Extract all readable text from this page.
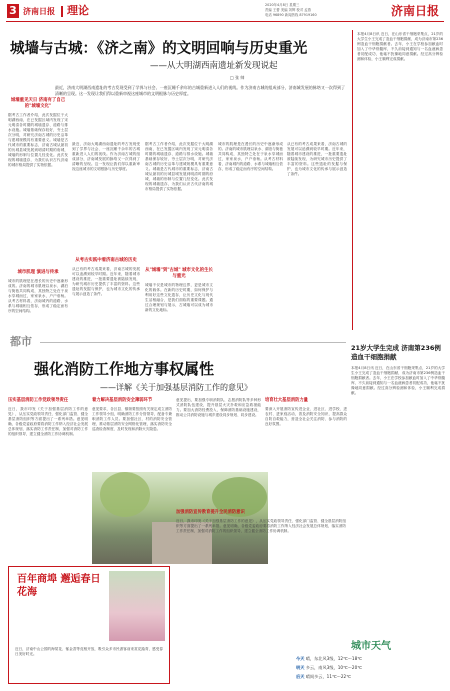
3 济南日报 理论	2020年4月8日 星期三
责编 王蕾 美编 刘辉 校对 孟燕
电话 96890 新闻热线 87919160	济南日报
城墙与古城：《济之南》的文明回响与历史重光
——从大明湖西南遗址新发现说起
□ 张 帅
最近，济南大明湖西南遗址的考古发现受到了学界与社会、一座沉睡千余年的古城重新进入人们的视线。作为济南古城的组成部分，济南城发展的脉络又一次得到了清晰的呈现。这一发现让我们得以重新审视这座城市的文明根脉与历史厚度。
城墙重见天日 济南有了自己的"城墙文化"
据考古工作者介绍，此次发掘位于大明湖西南，在已发掘区域内发现了宋元明清各时期的城墙遗存、道路与排水设施。城墙基础保存较好，夯土层次分明，对研究济南古城的历史沿革与建城规模具有重要意义。城墙是古代城市的重要标志，济南古城从最初的历城县城发展到明清时期的府城，城墙的形制与位置几经变化。此次发现的城墙遗存，为我们认识古代济南的城市格局提供了实物依据。
城市肌理 演进与传承
城市的肌理是在漫长的历史中逐渐形成的。济南的城市肌理以泉水、湖泊与街巷共同构成，其独特之处在于泉水穿城而过，家家泉水，户户垂杨。从考古材料看，济南城内的道路、水系与城墙相互依存，形成了稳定而有序的空间结构。
最近，济南大明湖西南遗址的考古发现受到了学界与社会、一座沉睡千余年的古城重新进入人们的视线。作为济南古城的组成部分，济南城发展的脉络又一次得到了清晰的呈现。这一发现让我们得以重新审视这座城市的文明根脉与历史厚度。
从考古实践中看济南古城的历史
从已有的考古成果来看，济南古城的发展可以追溯到较早时期。近年来，随着城市建设的推进，一批重要遗址被陆续发现，为研究城市历史提供了丰富的资料。这些遗址的发掘与保护，也为城市文化的传承与展示创造了条件。
据考古工作者介绍，此次发掘位于大明湖西南，在已发掘区域内发现了宋元明清各时期的城墙遗存、道路与排水设施。城墙基础保存较好，夯土层次分明，对研究济南古城的历史沿革与建城规模具有重要意义。城墙是古代城市的重要标志，济南古城从最初的历城县城发展到明清时期的府城，城墙的形制与位置几经变化。此次发现的城墙遗存，为我们认识古代济南的城市格局提供了实物依据。
从"城墙"到"古城" 城市文化的生长与重光
城墙不仅是城市的物理边界，更是城市文化的载体。在新的历史时期，如何保护与利用好这些文化遗存，让历史文化与现代生活相融合，是我们面临的重要课题。通过合理规划与展示，古城墙可以成为城市新的文化地标。
城市的肌理是在漫长的历史中逐渐形成的。济南的城市肌理以泉水、湖泊与街巷共同构成，其独特之处在于泉水穿城而过，家家泉水，户户垂杨。从考古材料看，济南城内的道路、水系与城墙相互依存，形成了稳定而有序的空间结构。
从已有的考古成果来看，济南古城的发展可以追溯到较早时期。近年来，随着城市建设的推进，一批重要遗址被陆续发现，为研究城市历史提供了丰富的资料。这些遗址的发掘与保护，也为城市文化的传承与展示创造了条件。
本报4月8日讯 近日，在山东省干细胞采集点，21岁的大学生小王完成了造血干细胞捐献，成为济南市第236例造血干细胞捐献者。去年，小王在学校参加献血时加入了中华骨髓库，不久前接到通知与一名血液病患者初配成功，他毫不犹豫地同意捐献。经过高分辨检测和体检，小王顺利完成捐献。
都市	21岁大学生完成 济南第236例造血干细胞捐献
本报4月8日讯 近日，在山东省干细胞采集点，21岁的大学生小王完成了造血干细胞捐献，成为济南市第236例造血干细胞捐献者。去年，小王在学校参加献血时加入了中华骨髓库，不久前接到通知与一名血液病患者初配成功，他毫不犹豫地同意捐献。经过高分辨检测和体检，小王顺利完成捐献。
强化消防工作地方事权属性
——详解《关于加强基层消防工作的意见》
压实基层消防工作党政领导责任
近日，我市印发《关于加强基层消防工作的意见》，从压实党政领导责任、强化部门监管、健全基层消防组织等方面提出了一系列举措。意见明确，各级党委政府要将消防工作纳入经济社会发展总体规划，落实消防工作责任制，加强对消防工作的组织领导，建立健全消防工作协调机制。
着力解决基层消防安全薄弱环节
意见要求，各区县、镇街要按照有关规定成立消防工作领导小组，明确消防工作分管领导，配备专兼职消防工作人员。要加强社区、村的消防安全管理，推动基层消防安全网格化管理，落实消防安全巡查检查制度，及时发现和消除火灾隐患。
意见提出，要加强专职消防队、志愿消防队等多种形式消防队伍建设，提升基层火灾扑救和应急救援能力。要加大消防经费投入，保障消防基础设施建设，推动公共消防设施与城乡建设同步规划、同步建设。
培育壮大基层消防力量
要深入开展消防宣传进企业、进社区、进学校、进农村、进家庭活动，普及消防安全知识，提高群众自防自救能力，营造全社会关注消防、参与消防的良好氛围。
加强消防宣传教育提升全民消防意识
近日，我市印发《关于加强基层消防工作的意见》，从压实党政领导责任、强化部门监管、健全基层消防组织等方面提出了一系列举措。意见明确，各级党委政府要将消防工作纳入经济社会发展总体规划，落实消防工作责任制，加强对消防工作的组织领导，建立健全消防工作协调机制。
百年商埠 邂逅春日花海
近日，济南中山公园的海棠花、郁金香等竞相开放，吸引众多市民游客前来赏花踏青，感受春日美好时光。
城市天气
今天 晴，东北风3级，12℃～18℃
明天 多云，南风3级，10℃～20℃
后天 晴间多云，11℃～22℃
